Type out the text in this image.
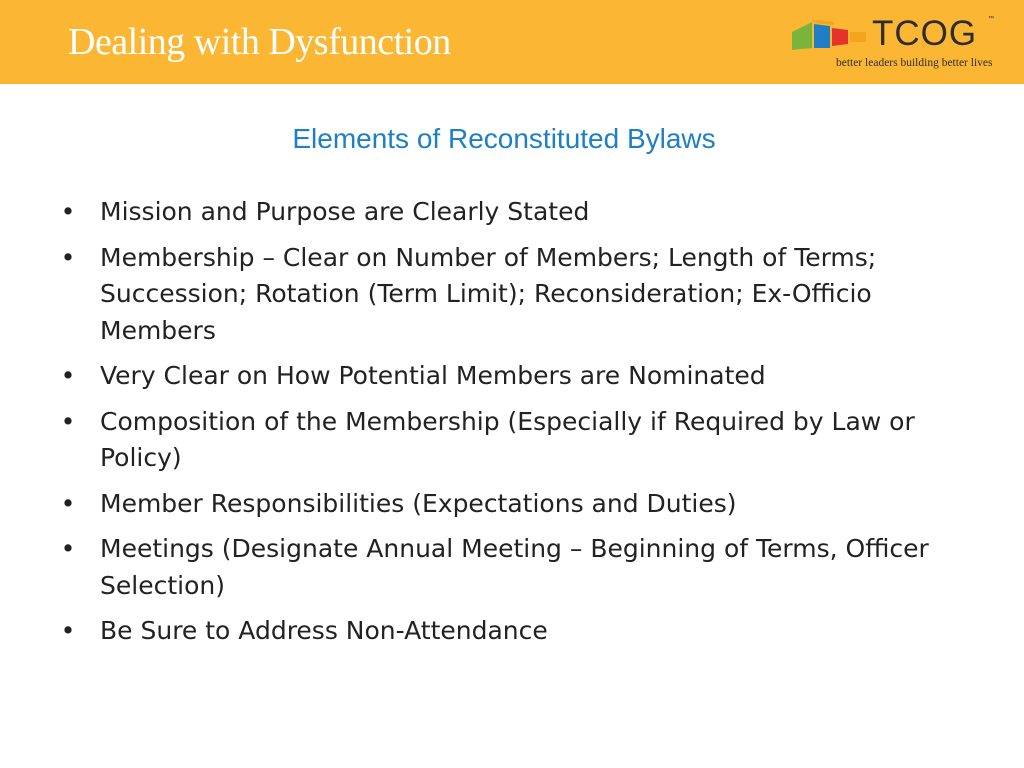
Dealing with Dysfunction	TCOG ™
better leaders building better lives
Elements of Reconstituted Bylaws
• Mission and Purpose are Clearly Stated
• Membership – Clear on Number of Members; Length of Terms; Succession; Rotation (Term Limit); Reconsideration; Ex-Officio Members
• Very Clear on How Potential Members are Nominated
• Composition of the Membership (Especially if Required by Law or Policy)
• Member Responsibilities (Expectations and Duties)
• Meetings (Designate Annual Meeting – Beginning of Terms, Officer Selection)
• Be Sure to Address Non-Attendance
